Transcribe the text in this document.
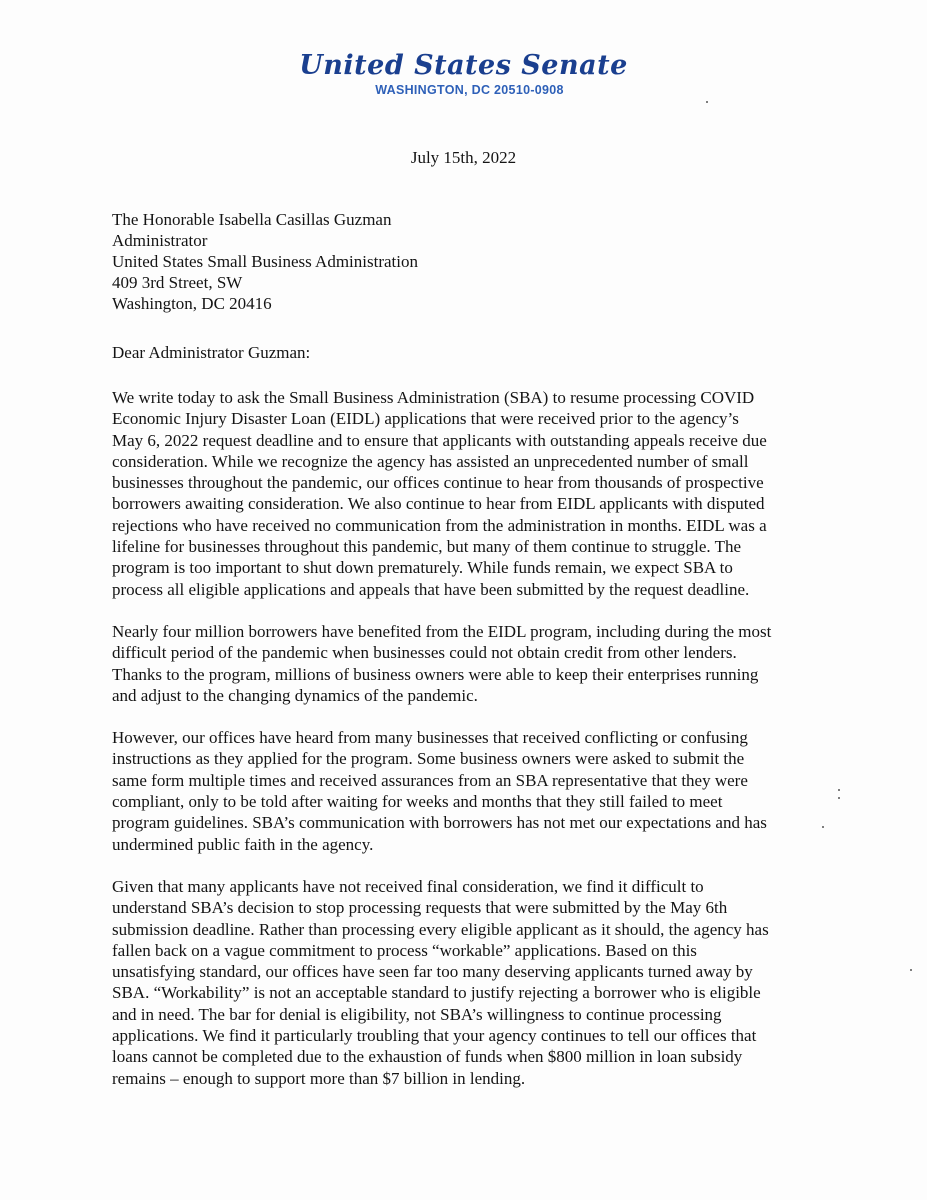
United States Senate
WASHINGTON, DC 20510-0908
July 15th, 2022
The Honorable Isabella Casillas Guzman
Administrator
United States Small Business Administration
409 3rd Street, SW
Washington, DC 20416
Dear Administrator Guzman:
We write today to ask the Small Business Administration (SBA) to resume processing COVID
Economic Injury Disaster Loan (EIDL) applications that were received prior to the agency’s
May 6, 2022 request deadline and to ensure that applicants with outstanding appeals receive due
consideration. While we recognize the agency has assisted an unprecedented number of small
businesses throughout the pandemic, our offices continue to hear from thousands of prospective
borrowers awaiting consideration. We also continue to hear from EIDL applicants with disputed
rejections who have received no communication from the administration in months. EIDL was a
lifeline for businesses throughout this pandemic, but many of them continue to struggle. The
program is too important to shut down prematurely. While funds remain, we expect SBA to
process all eligible applications and appeals that have been submitted by the request deadline.
Nearly four million borrowers have benefited from the EIDL program, including during the most
difficult period of the pandemic when businesses could not obtain credit from other lenders.
Thanks to the program, millions of business owners were able to keep their enterprises running
and adjust to the changing dynamics of the pandemic.
However, our offices have heard from many businesses that received conflicting or confusing
instructions as they applied for the program. Some business owners were asked to submit the
same form multiple times and received assurances from an SBA representative that they were
compliant, only to be told after waiting for weeks and months that they still failed to meet
program guidelines. SBA’s communication with borrowers has not met our expectations and has
undermined public faith in the agency.
Given that many applicants have not received final consideration, we find it difficult to
understand SBA’s decision to stop processing requests that were submitted by the May 6th
submission deadline. Rather than processing every eligible applicant as it should, the agency has
fallen back on a vague commitment to process “workable” applications. Based on this
unsatisfying standard, our offices have seen far too many deserving applicants turned away by
SBA. “Workability” is not an acceptable standard to justify rejecting a borrower who is eligible
and in need. The bar for denial is eligibility, not SBA’s willingness to continue processing
applications. We find it particularly troubling that your agency continues to tell our offices that
loans cannot be completed due to the exhaustion of funds when $800 million in loan subsidy
remains – enough to support more than $7 billion in lending.
